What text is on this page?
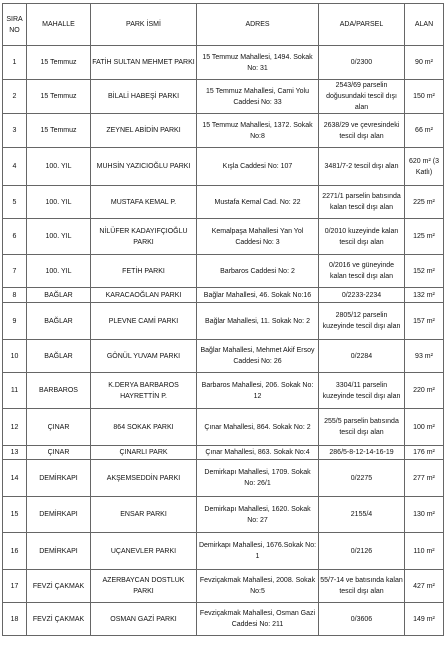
SIRA NO	MAHALLE	PARK İSMİ	ADRES	ADA/PARSEL	ALAN
1	15 Temmuz	FATİH SULTAN MEHMET PARKI	15 Temmuz Mahallesi, 1494. Sokak No: 31	0/2300	90 m²
2	15 Temmuz	BİLALİ HABEŞİ PARKI	15 Temmuz Mahallesi, Cami Yolu Caddesi No: 33	2543/69 parselin doğusundaki tescil dışı alan	150 m²
3	15 Temmuz	ZEYNEL ABİDİN PARKI	15 Temmuz Mahallesi, 1372. Sokak No:8	2638/29 ve çevresindeki tescil dışı alan	66 m²
4	100. YIL	MUHSİN YAZICIOĞLU PARKI	Kışla Caddesi No: 107	3481/7-2 tescil dışı alan	620 m² (3 Katlı)
5	100. YIL	MUSTAFA KEMAL P.	Mustafa Kemal Cad. No: 22	2271/1 parselin batısında kalan tescil dışı alan	225 m²
6	100. YIL	NİLÜFER KADAYIFÇIOĞLU PARKI	Kemalpaşa Mahallesi Yan Yol Caddesi No: 3	0/2010 kuzeyinde kalan tescil dışı alan	125 m²
7	100. YIL	FETİH PARKI	Barbaros Caddesi No: 2	0/2016 ve güneyinde kalan tescil dışı alan	152 m²
8	BAĞLAR	KARACAOĞLAN PARKI	Bağlar Mahallesi, 46. Sokak No:16	0/2233-2234	132 m²
9	BAĞLAR	PLEVNE CAMİ PARKI	Bağlar Mahallesi, 11. Sokak No: 2	2805/12 parselin kuzeyinde tescil dışı alan	157 m²
10	BAĞLAR	GÖNÜL YUVAM PARKI	Bağlar Mahallesi, Mehmet Akif Ersoy Caddesi No: 26	0/2284	93 m²
11	BARBAROS	K.DERYA BARBAROS HAYRETTİN P.	Barbaros Mahallesi, 206. Sokak No: 12	3304/11 parselin kuzeyinde tescil dışı alan	220 m²
12	ÇINAR	864 SOKAK PARKI	Çınar Mahallesi, 864. Sokak No: 2	255/5 parselin batısında tescil dışı alan	100 m²
13	ÇINAR	ÇINARLI PARK	Çınar Mahallesi, 863. Sokak No:4	286/5-8-12-14-16-19	176 m²
14	DEMİRKAPI	AKŞEMSEDDİN PARKI	Demirkapı Mahallesi, 1709. Sokak No: 26/1	0/2275	277 m²
15	DEMİRKAPI	ENSAR PARKI	Demirkapı Mahallesi, 1620. Sokak No: 27	2155/4	130 m²
16	DEMİRKAPI	UÇANEVLER PARKI	Demirkapı Mahallesi, 1676.Sokak No: 1	0/2126	110 m²
17	FEVZİ ÇAKMAK	AZERBAYCAN DOSTLUK PARKI	Fevziçakmak Mahallesi, 2008. Sokak No:5	55/7-14 ve batısında kalan tescil dışı alan	427 m²
18	FEVZİ ÇAKMAK	OSMAN GAZİ PARKI	Fevziçakmak Mahallesi, Osman Gazi Caddesi No: 211	0/3606	149 m²
